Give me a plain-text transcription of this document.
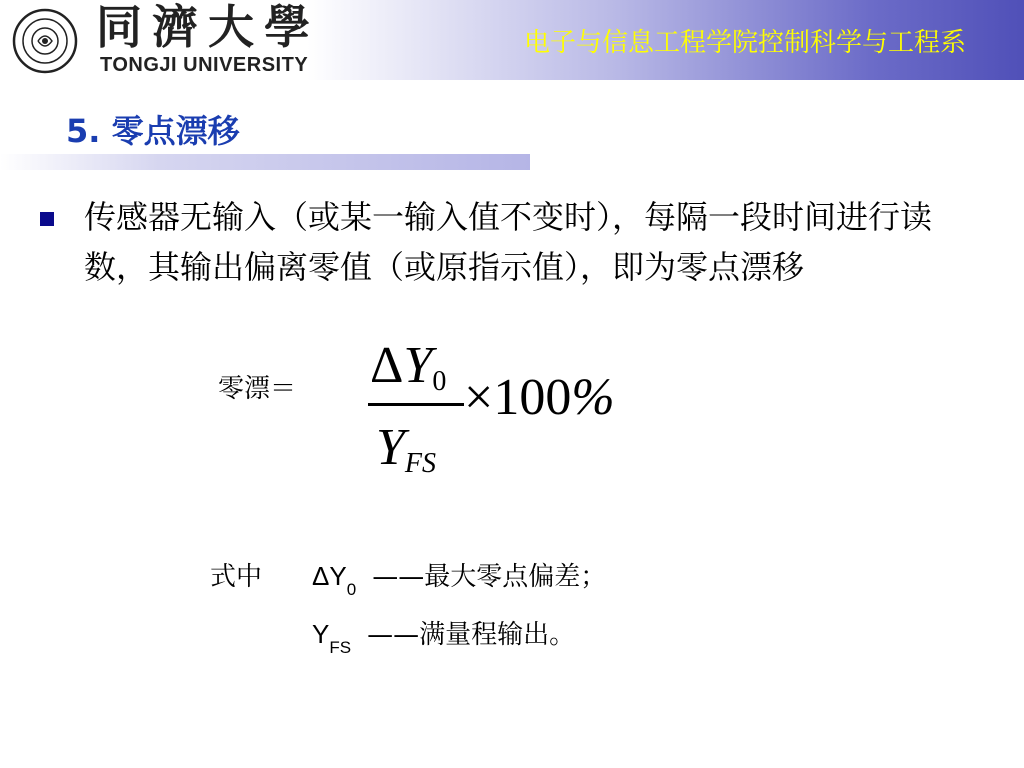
同濟大學
TONGJI UNIVERSITY
电子与信息工程学院控制科学与工程系
5. 零点漂移
传感器无输入（或某一输入值不变时），每隔一段时间进行读数，其输出偏离零值（或原指示值），即为零点漂移
零漂＝ $\Delta Y_0$
$Y_{FS}$
×100%
式中 $\Delta Y_0$ ——最大零点偏差；
$Y_{FS}$ ——满量程输出。
